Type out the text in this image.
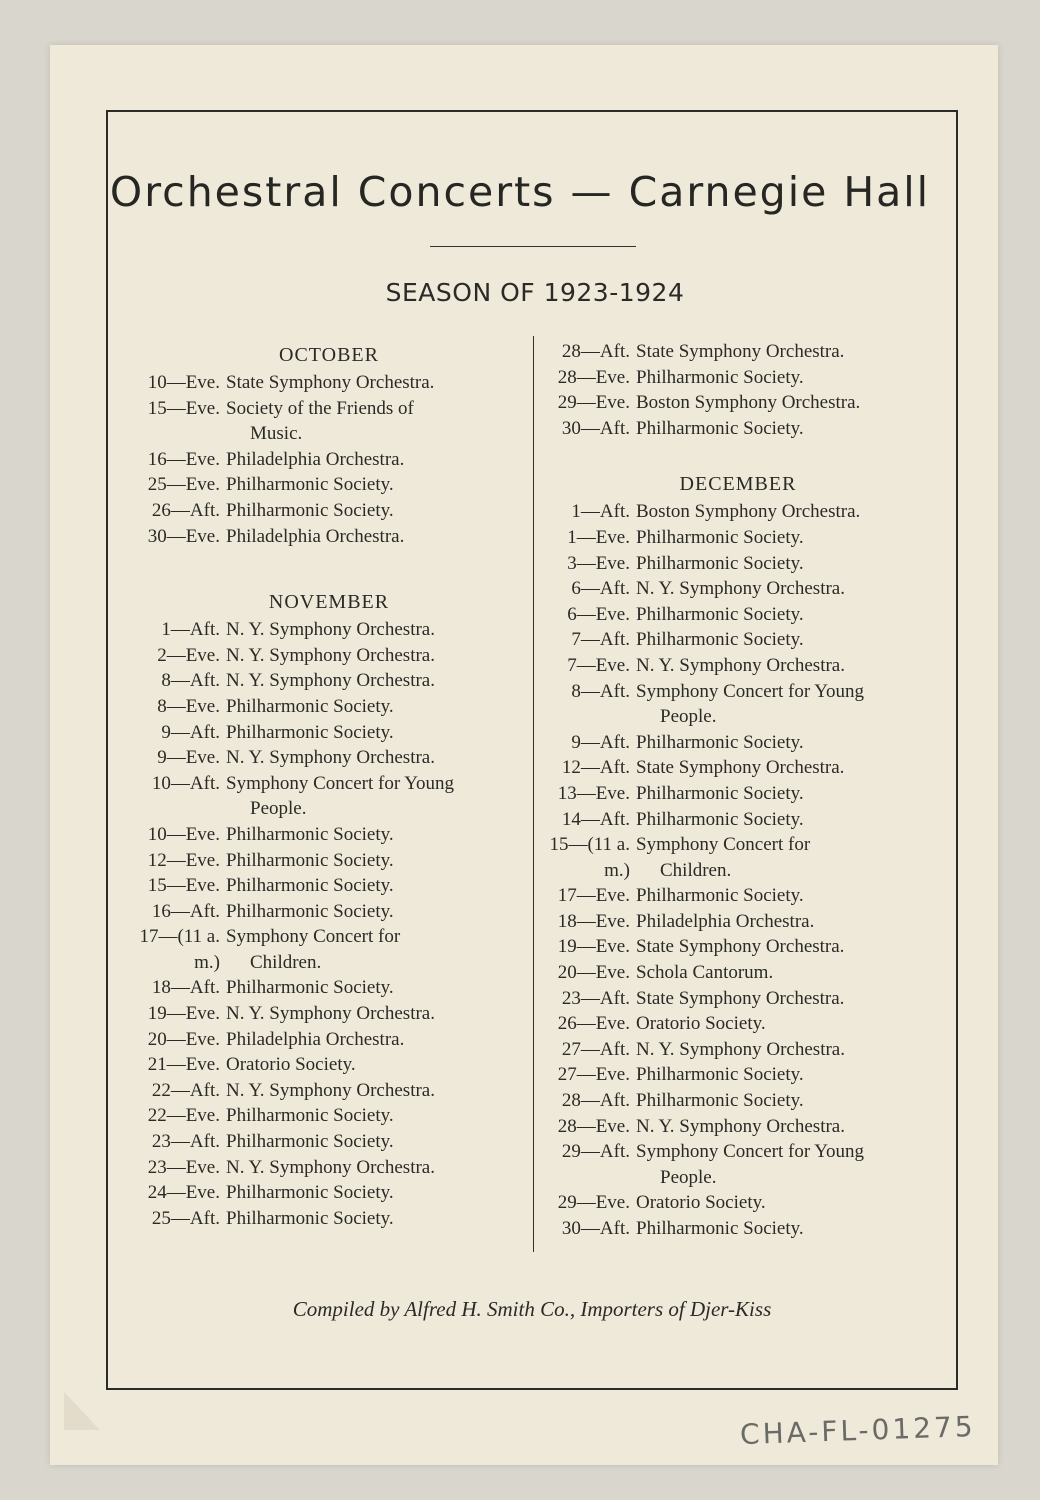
Orchestral Concerts — Carnegie Hall
SEASON OF 1923-1924
OCTOBER
10—Eve. State Symphony Orchestra.
15—Eve. Society of the Friends of
Music.
16—Eve. Philadelphia Orchestra.
25—Eve. Philharmonic Society.
26—Aft. Philharmonic Society.
30—Eve. Philadelphia Orchestra.
NOVEMBER
1—Aft. N. Y. Symphony Orchestra.
2—Eve. N. Y. Symphony Orchestra.
8—Aft. N. Y. Symphony Orchestra.
8—Eve. Philharmonic Society.
9—Aft. Philharmonic Society.
9—Eve. N. Y. Symphony Orchestra.
10—Aft. Symphony Concert for Young
People.
10—Eve. Philharmonic Society.
12—Eve. Philharmonic Society.
15—Eve. Philharmonic Society.
16—Aft. Philharmonic Society.
17—(11 a. m.)
Symphony Concert for
Children.
18—Aft. Philharmonic Society.
19—Eve. N. Y. Symphony Orchestra.
20—Eve. Philadelphia Orchestra.
21—Eve. Oratorio Society.
22—Aft. N. Y. Symphony Orchestra.
22—Eve. Philharmonic Society.
23—Aft. Philharmonic Society.
23—Eve. N. Y. Symphony Orchestra.
24—Eve. Philharmonic Society.
25—Aft. Philharmonic Society.
28—Aft. State Symphony Orchestra.
28—Eve. Philharmonic Society.
29—Eve. Boston Symphony Orchestra.
30—Aft. Philharmonic Society.
DECEMBER
1—Aft. Boston Symphony Orchestra.
1—Eve. Philharmonic Society.
3—Eve. Philharmonic Society.
6—Aft. N. Y. Symphony Orchestra.
6—Eve. Philharmonic Society.
7—Aft. Philharmonic Society.
7—Eve. N. Y. Symphony Orchestra.
8—Aft. Symphony Concert for Young
People.
9—Aft. Philharmonic Society.
12—Aft. State Symphony Orchestra.
13—Eve. Philharmonic Society.
14—Aft. Philharmonic Society.
15—(11 a. m.)
Symphony Concert for
Children.
17—Eve. Philharmonic Society.
18—Eve. Philadelphia Orchestra.
19—Eve. State Symphony Orchestra.
20—Eve. Schola Cantorum.
23—Aft. State Symphony Orchestra.
26—Eve. Oratorio Society.
27—Aft. N. Y. Symphony Orchestra.
27—Eve. Philharmonic Society.
28—Aft. Philharmonic Society.
28—Eve. N. Y. Symphony Orchestra.
29—Aft. Symphony Concert for Young
People.
29—Eve. Oratorio Society.
30—Aft. Philharmonic Society.
Compiled by Alfred H. Smith Co., Importers of Djer-Kiss
CHA-FL-01275
